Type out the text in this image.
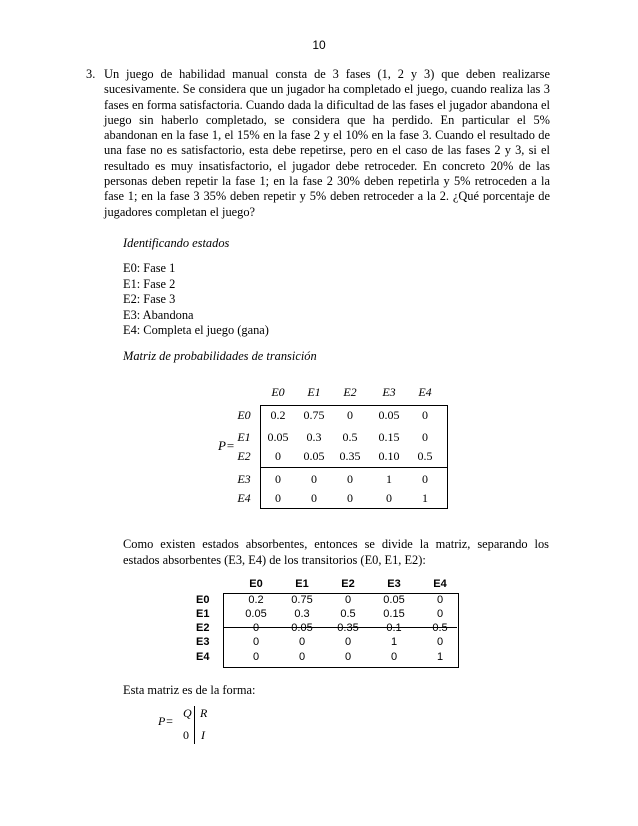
10
3. Un juego de habilidad manual consta de 3 fases (1, 2 y 3) que deben realizarse sucesivamente. Se considera que un jugador ha completado el juego, cuando realiza las 3 fases en forma satisfactoria. Cuando dada la dificultad de las fases el jugador abandona el juego sin haberlo completado, se considera que ha perdido. En particular el 5% abandonan en la fase 1, el 15% en la fase 2 y el 10% en la fase 3. Cuando el resultado de una fase no es satisfactorio, esta debe repetirse, pero en el caso de las fases 2 y 3, si el resultado es muy insatisfactorio, el jugador debe retroceder. En concreto 20% de las personas deben repetir la fase 1; en la fase 2 30% deben repetirla y 5% retroceden a la fase 1; en la fase 3 35% deben repetir y 5% deben retroceder a la 2. ¿Qué porcentaje de jugadores completan el juego?
Identificando estados
E0: Fase 1
E1: Fase 2
E2: Fase 3
E3: Abandona
E4: Completa el juego (gana)
Matriz de probabilidades de transición
P=
E0	E1	E2	E3	E4
E0	0.2	0.75	0	0.05	0
E1	0.05	0.3	0.5	0.15	0
E2	0	0.05	0.35	0.10	0.5
E3	0	0	0	1	0
E4	0	0	0	0	1
Como existen estados absorbentes, entonces se divide la matriz, separando los estados absorbentes (E3, E4) de los transitorios (E0, E1, E2):
E0	E1	E2	E3	E4
E0	0.2	0.75	0	0.05	0
E1	0.05	0.3	0.5	0.15	0
E2	0	0.05	0.35	0.1	0.5
E3	0	0	0	1	0
E4	0	0	0	0	1
Esta matriz es de la forma:
P=
Q R
0 I
